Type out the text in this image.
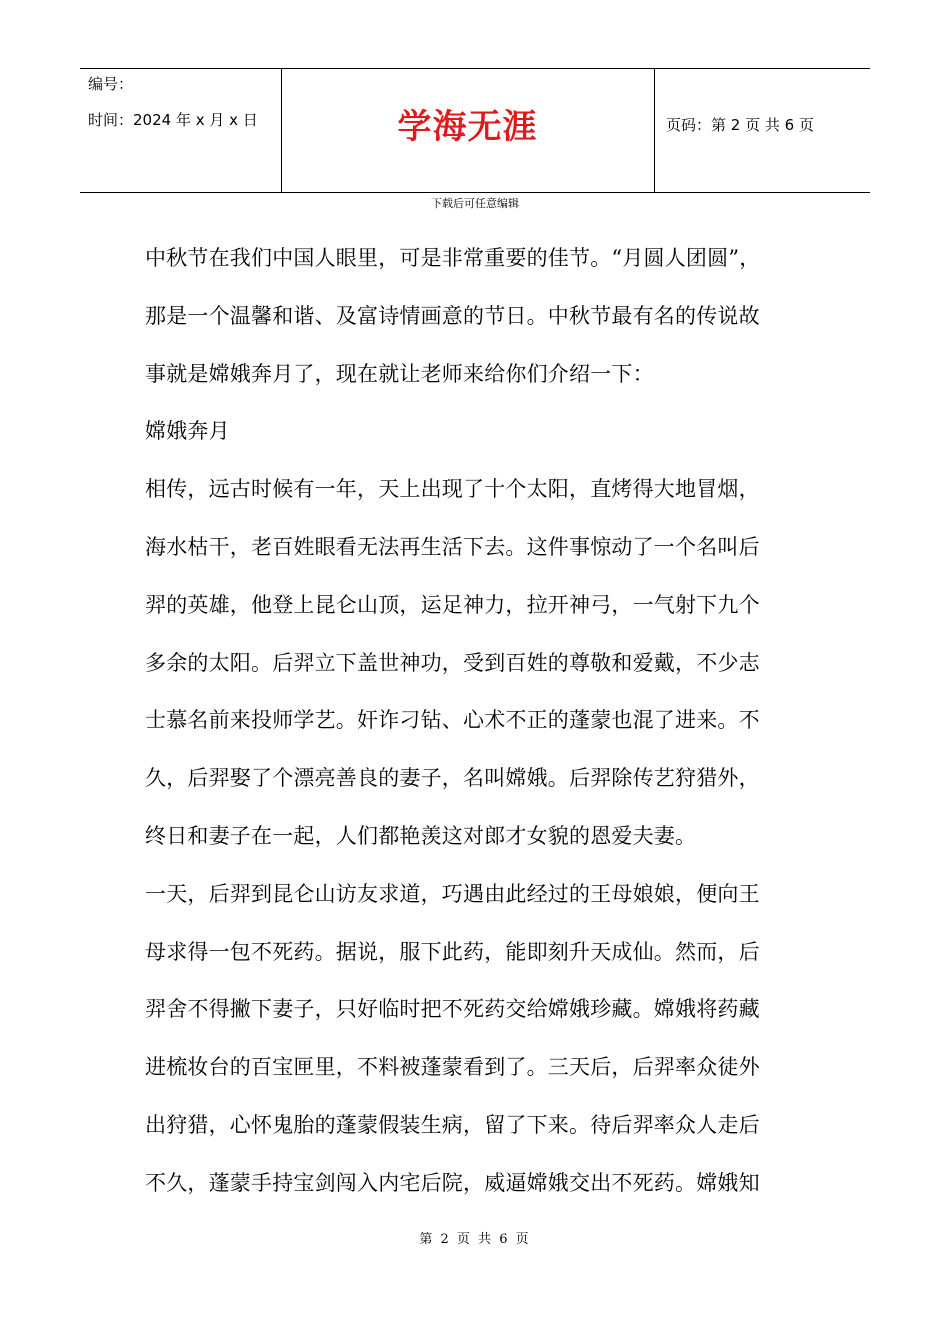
编号：
时间：2024 年 x 月 x 日	学海无涯	页码：第 2 页 共 6 页
下载后可任意编辑
中秋节在我们中国人眼里，可是非常重要的佳节。“月圆人团圆”，
那是一个温馨和谐、及富诗情画意的节日。中秋节最有名的传说故
事就是嫦娥奔月了，现在就让老师来给你们介绍一下：
嫦娥奔月
相传，远古时候有一年，天上出现了十个太阳，直烤得大地冒烟，
海水枯干，老百姓眼看无法再生活下去。这件事惊动了一个名叫后
羿的英雄，他登上昆仑山顶，运足神力，拉开神弓，一气射下九个
多余的太阳。后羿立下盖世神功，受到百姓的尊敬和爱戴，不少志
士慕名前来投师学艺。奸诈刁钻、心术不正的蓬蒙也混了进来。不
久，后羿娶了个漂亮善良的妻子，名叫嫦娥。后羿除传艺狩猎外，
终日和妻子在一起，人们都艳羡这对郎才女貌的恩爱夫妻。
一天，后羿到昆仑山访友求道，巧遇由此经过的王母娘娘，便向王
母求得一包不死药。据说，服下此药，能即刻升天成仙。然而，后
羿舍不得撇下妻子，只好临时把不死药交给嫦娥珍藏。嫦娥将药藏
进梳妆台的百宝匣里，不料被蓬蒙看到了。三天后，后羿率众徒外
出狩猎，心怀鬼胎的蓬蒙假装生病，留了下来。待后羿率众人走后
不久，蓬蒙手持宝剑闯入内宅后院，威逼嫦娥交出不死药。嫦娥知
第 2 页 共 6 页
